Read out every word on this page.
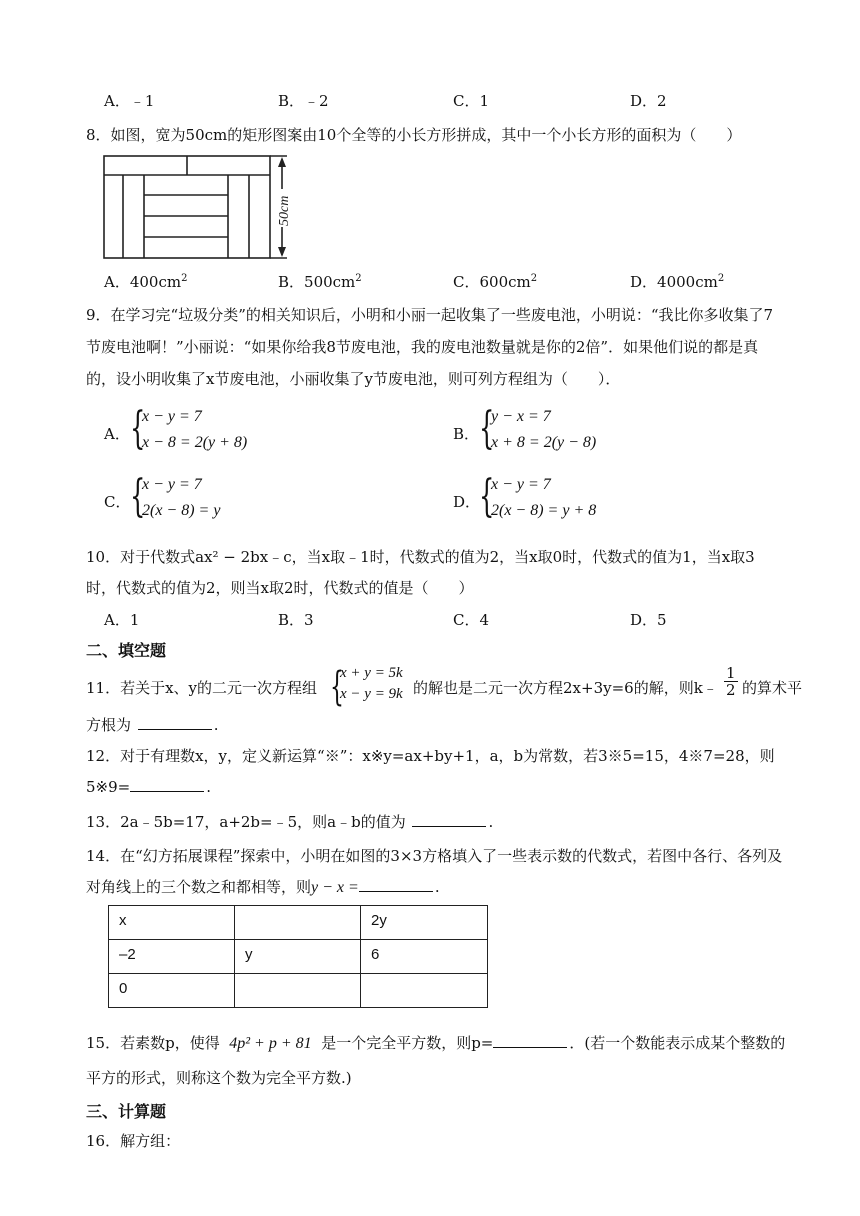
A．﹣1	B．﹣2	C．1	D．2
8．如图，宽为50cm的矩形图案由10个全等的小长方形拼成，其中一个小长方形的面积为（　　）
50cm
A．$400cm^2$	B．$500cm^2$	C．$600cm^2$	D．$4000cm^2$
9．在学习完“垃圾分类”的相关知识后，小明和小丽一起收集了一些废电池，小明说：“我比你多收集了7
节废电池啊！”小丽说：“如果你给我8节废电池，我的废电池数量就是你的2倍”．如果他们说的都是真
的，设小明收集了x节废电池，小丽收集了y节废电池，则可列方程组为（　　）．
A． {
x − y = 7
x − 8 = 2(y + 8)	B． {
y − x = 7
x + 8 = 2(y − 8)
C． {
x − y = 7
2(x − 8) = y	D．
{
x − y = 7
2(x − 8) = y + 8
10．对于代数式ax² − 2bx﹣c，当x取﹣1时，代数式的值为2，当x取0时，代数式的值为1，当x取3
时，代数式的值为2，则当x取2时，代数式的值是（　　）
A．1	B．3	C．4	D．5
二、填空题
11．若关于x、y的二元一次方程组 {
x + y = 5k
x − y = 9k 的解也是二元一次方程2x+3y=6的解，则k﹣ $\frac{1}{2}$ 的算术平
方根为	.
12．对于有理数x，y，定义新运算“※”：x※y=ax+by+1，a，b为常数，若3※5=15，4※7=28，则
5※9=	.
13．2a﹣5b=17，a+2b=﹣5，则a﹣b的值为	.
14．在“幻方拓展课程”探索中，小明在如图的3×3方格填入了一些表示数的代数式，若图中各行、各列及
对角线上的三个数之和都相等，则y − x =	.
x		2y
–2	y	6
0		
15．若素数p，使得 4p² + p + 81 是一个完全平方数，则p=	．(若一个数能表示成某个整数的
平方的形式，则称这个数为完全平方数.)
三、计算题
16．解方组：
